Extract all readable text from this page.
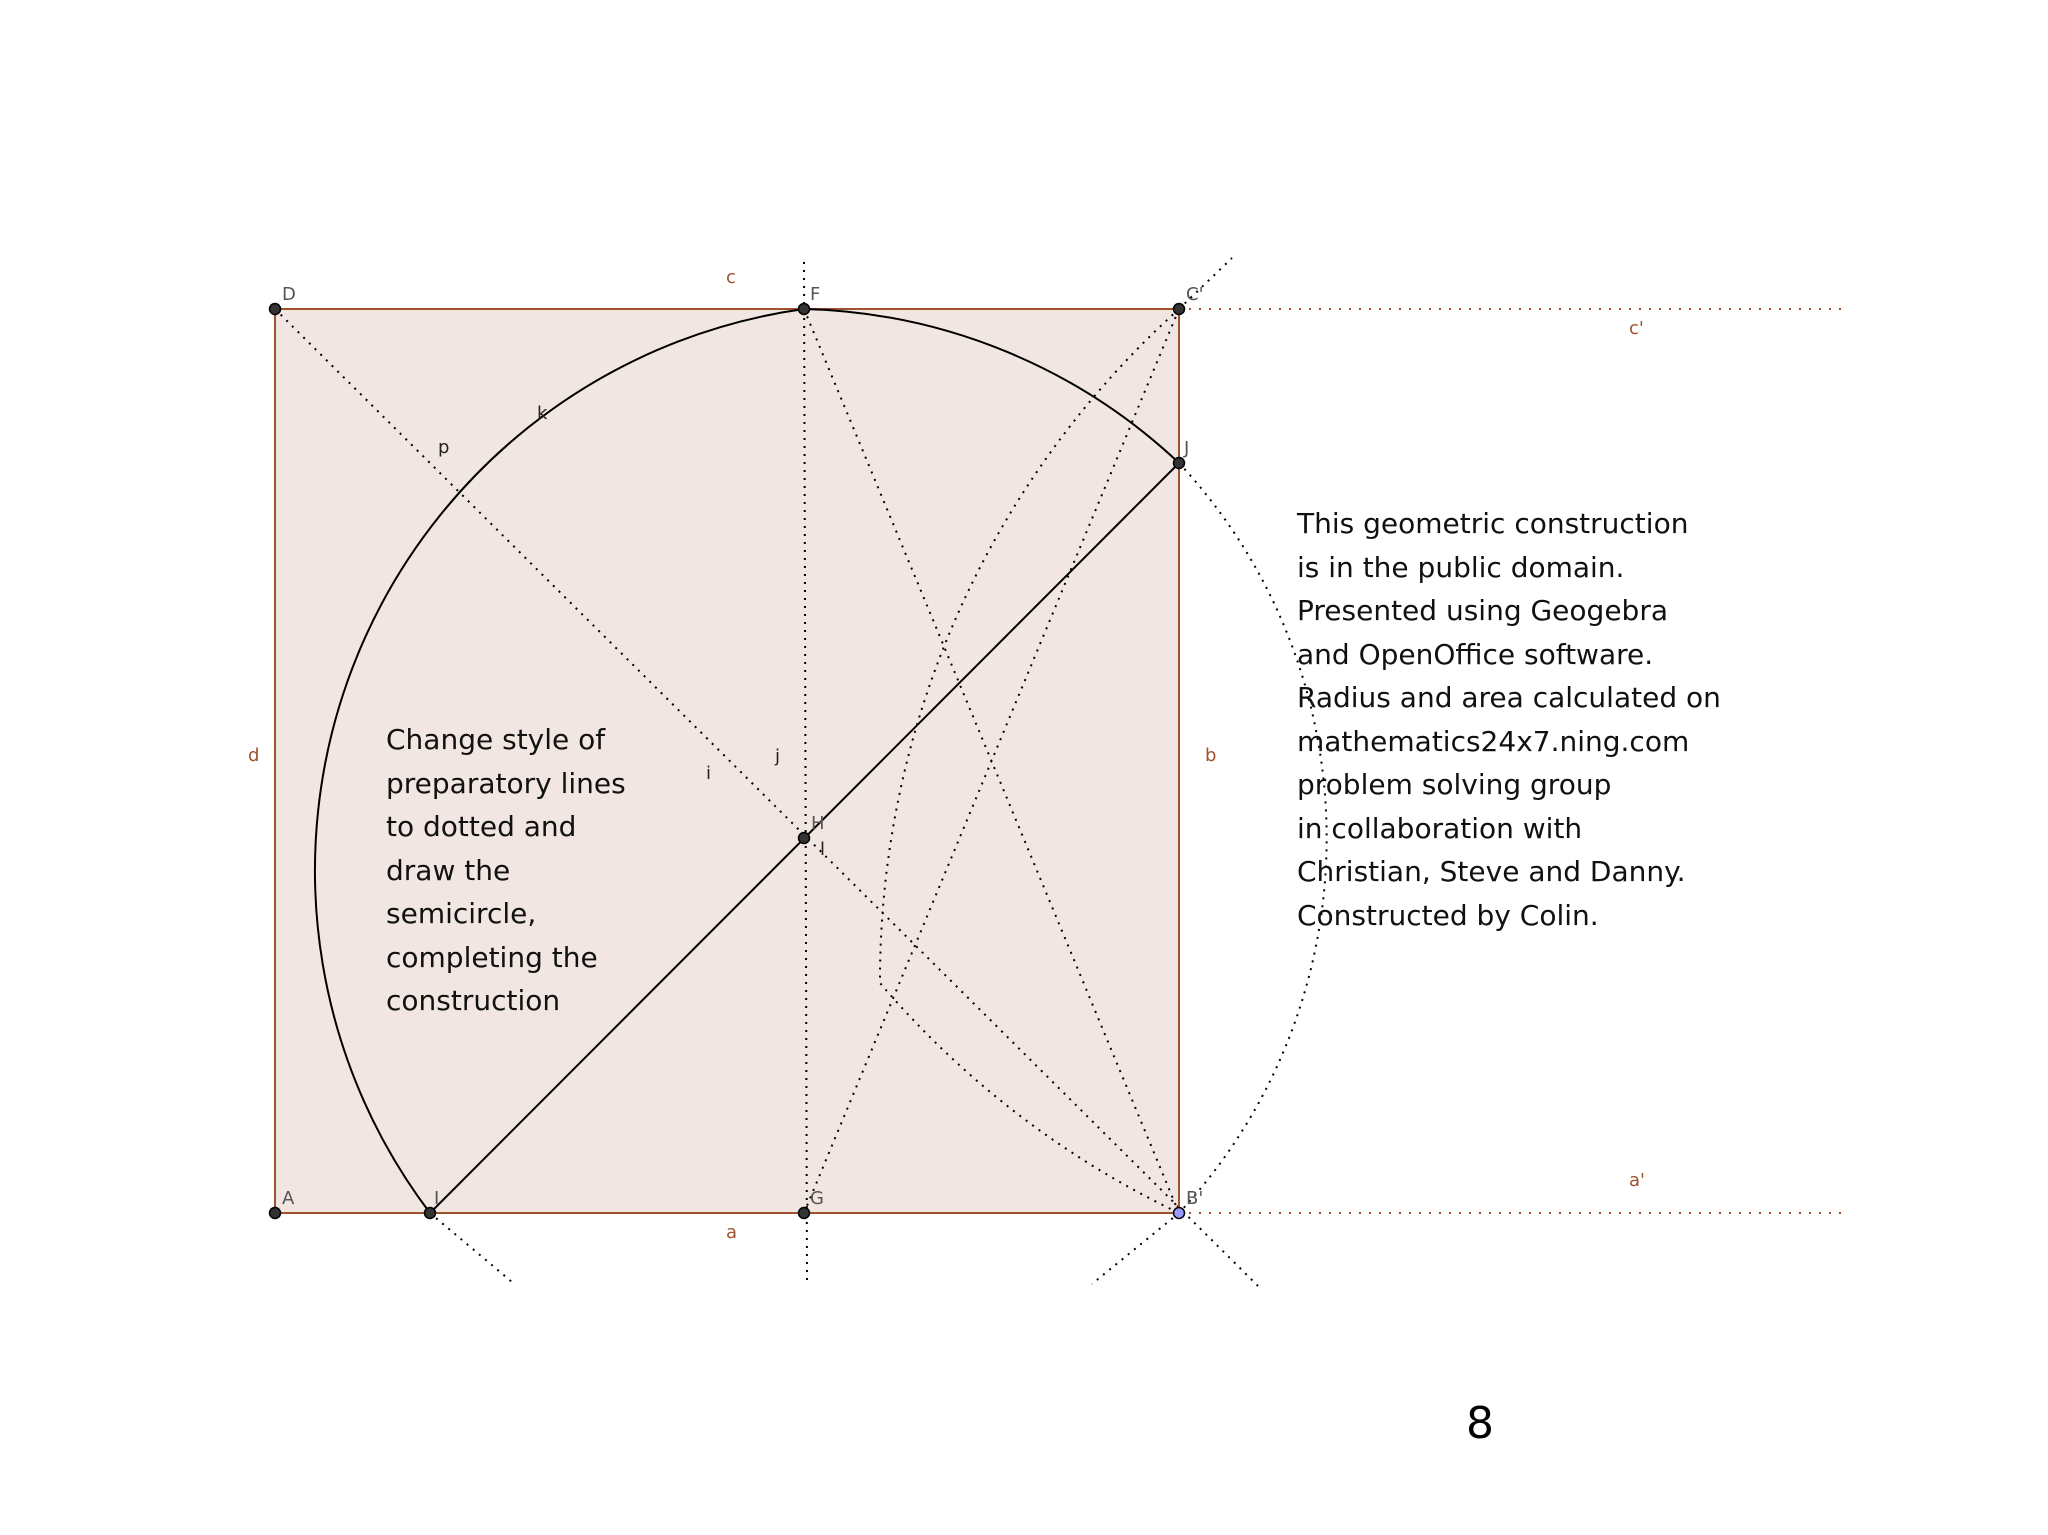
A	B'
C'
D	F
G
H
I
J
a
b
c
d
a'
c'
k
p
i
j
l

Change style of
preparatory lines
to dotted and
draw the
semicircle,
completing the
construction

This geometric construction
is in the public domain.
Presented using Geogebra
and OpenOffice software.
Radius and area calculated on
mathematics24x7.ning.com
problem solving group
in collaboration with
Christian, Steve and Danny.
Constructed by Colin.

8
